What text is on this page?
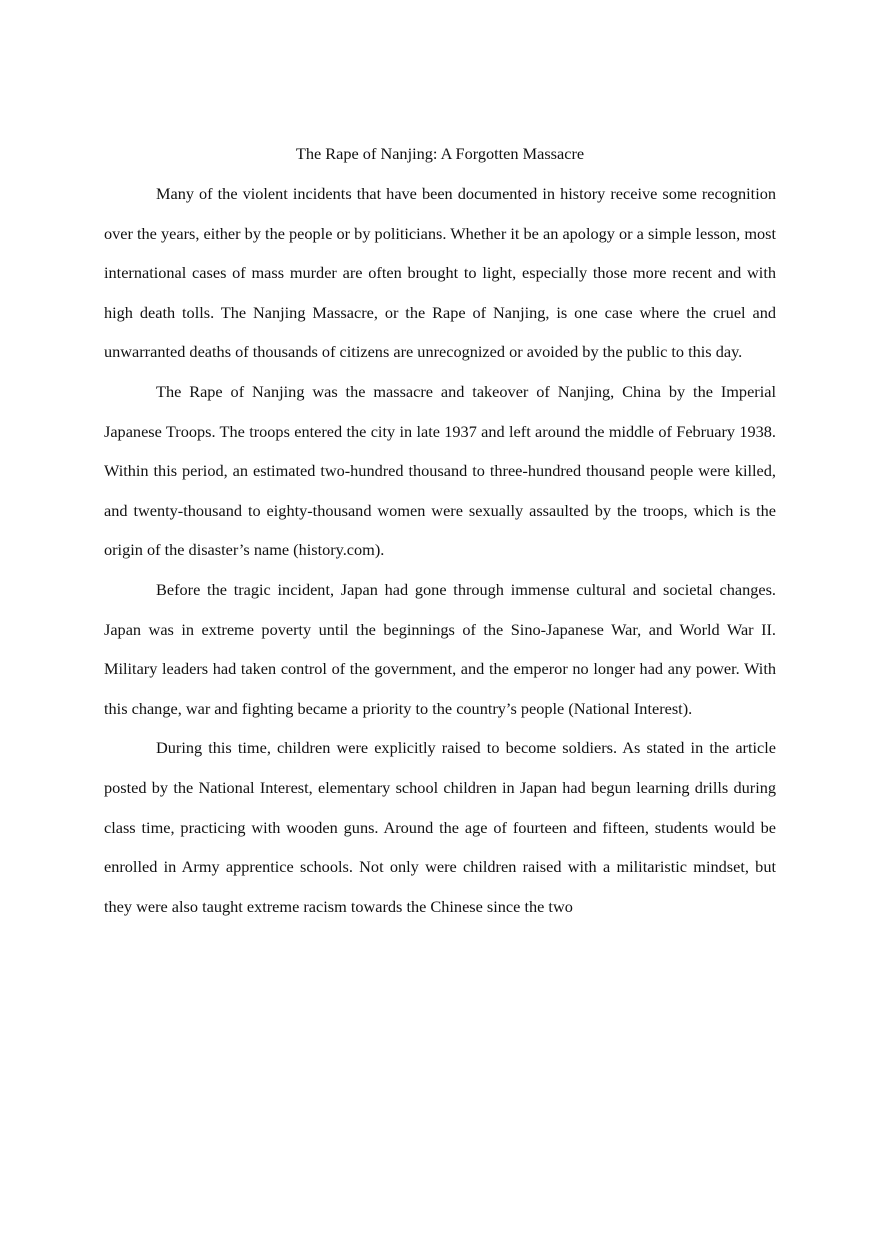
The Rape of Nanjing: A Forgotten Massacre

Many of the violent incidents that have been documented in history receive some recognition over the years, either by the people or by politicians. Whether it be an apology or a simple lesson, most international cases of mass murder are often brought to light, especially those more recent and with high death tolls. The Nanjing Massacre, or the Rape of Nanjing, is one case where the cruel and unwarranted deaths of thousands of citizens are unrecognized or avoided by the public to this day.

The Rape of Nanjing was the massacre and takeover of Nanjing, China by the Imperial Japanese Troops. The troops entered the city in late 1937 and left around the middle of February 1938. Within this period, an estimated two-hundred thousand to three-hundred thousand people were killed, and twenty-thousand to eighty-thousand women were sexually assaulted by the troops, which is the origin of the disaster’s name (history.com).

Before the tragic incident, Japan had gone through immense cultural and societal changes. Japan was in extreme poverty until the beginnings of the Sino-Japanese War, and World War II. Military leaders had taken control of the government, and the emperor no longer had any power. With this change, war and fighting became a priority to the country’s people (National Interest).

During this time, children were explicitly raised to become soldiers. As stated in the article posted by the National Interest, elementary school children in Japan had begun learning drills during class time, practicing with wooden guns. Around the age of fourteen and fifteen, students would be enrolled in Army apprentice schools. Not only were children raised with a militaristic mindset, but they were also taught extreme racism towards the Chinese since the two
